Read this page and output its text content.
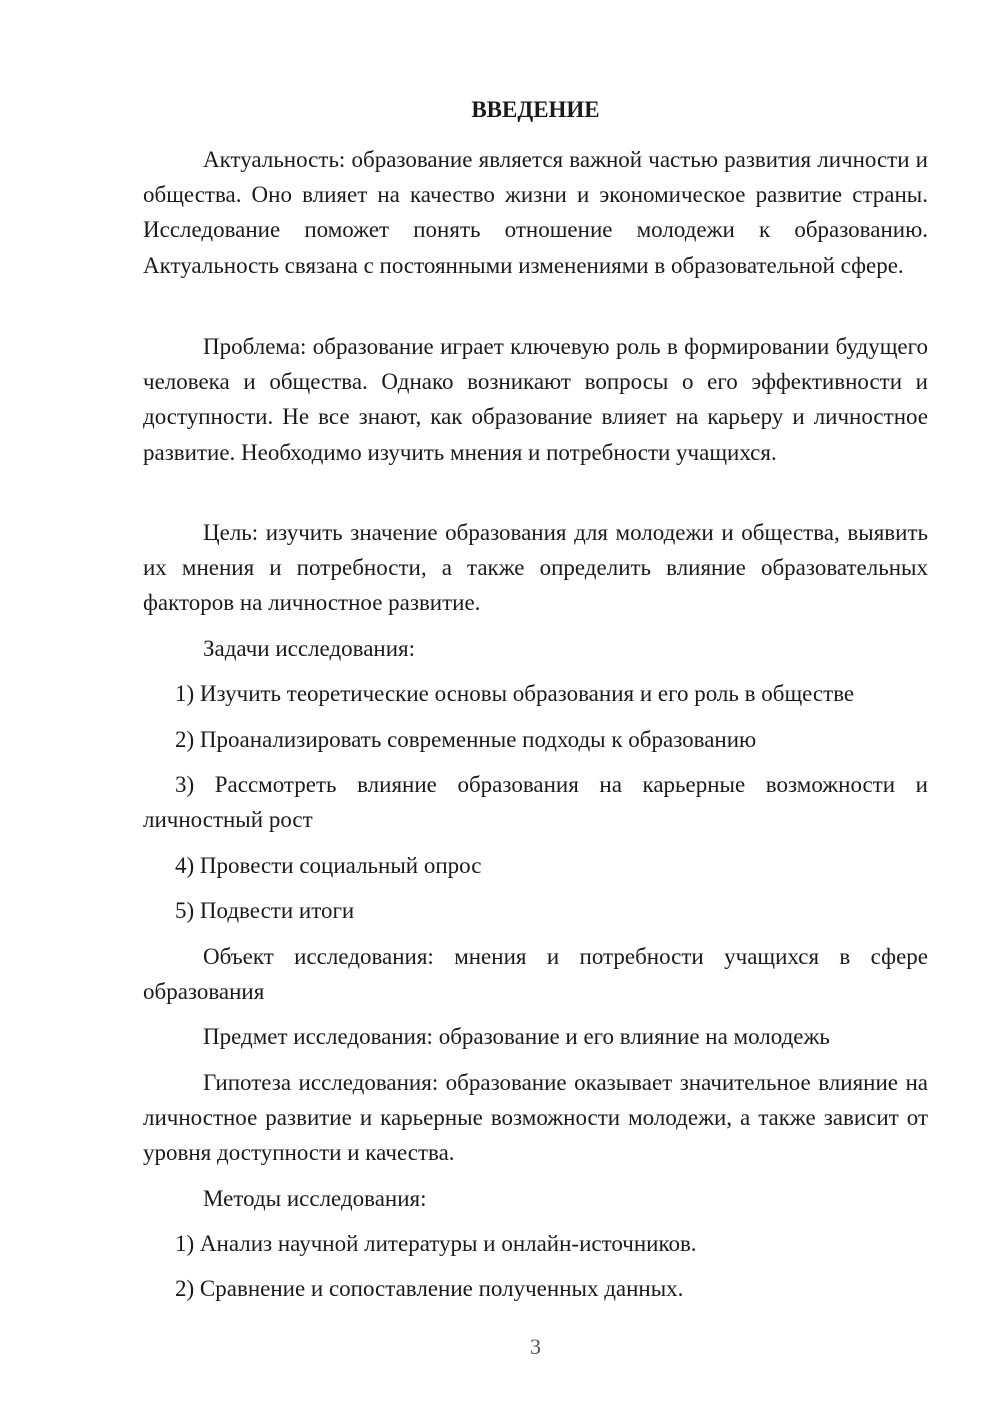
ВВЕДЕНИЕ

Актуальность: образование является важной частью развития личности и общества. Оно влияет на качество жизни и экономическое развитие страны. Исследование поможет понять отношение молодежи к образованию. Актуальность связана с постоянными изменениями в образовательной сфере.

Проблема: образование играет ключевую роль в формировании будущего человека и общества. Однако возникают вопросы о его эффективности и доступности. Не все знают, как образование влияет на карьеру и личностное развитие. Необходимо изучить мнения и потребности учащихся.

Цель: изучить значение образования для молодежи и общества, выявить их мнения и потребности, а также определить влияние образовательных факторов на личностное развитие.

Задачи исследования:

1) Изучить теоретические основы образования и его роль в обществе

2) Проанализировать современные подходы к образованию

3) Рассмотреть влияние образования на карьерные возможности и личностный рост

4) Провести социальный опрос

5) Подвести итоги

Объект исследования: мнения и потребности учащихся в сфере образования

Предмет исследования: образование и его влияние на молодежь

Гипотеза исследования: образование оказывает значительное влияние на личностное развитие и карьерные возможности молодежи, а также зависит от уровня доступности и качества.

Методы исследования:

1) Анализ научной литературы и онлайн-источников.

2) Сравнение и сопоставление полученных данных.

3
